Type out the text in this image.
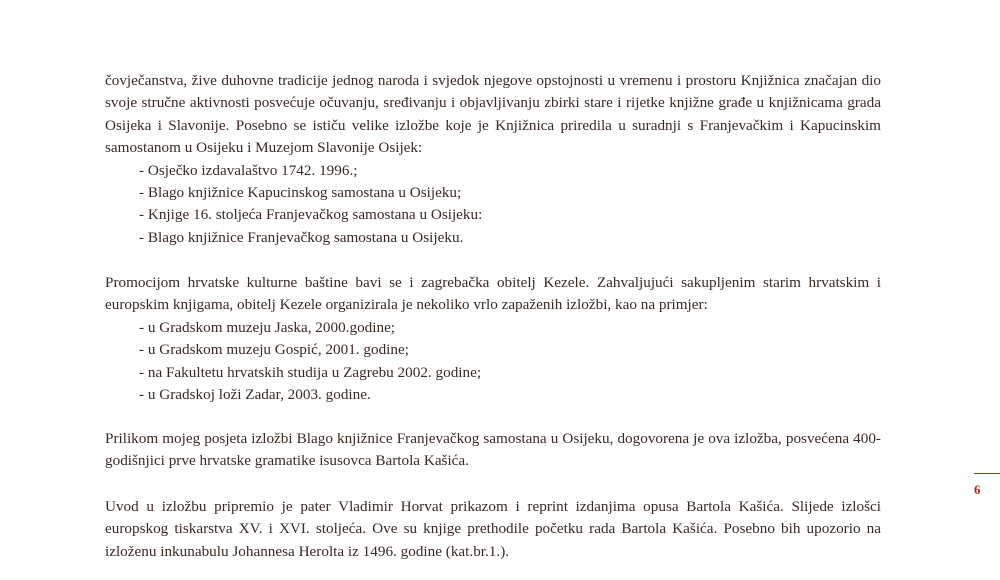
čovječanstva, žive duhovne tradicije jednog naroda i svjedok njegove opstojnosti u vremenu i prostoru Knjižnica značajan dio svoje stručne aktivnosti posvećuje očuvanju, sređivanju i objavljivanju zbirki stare i rijetke knjižne građe u knjižnicama grada Osijeka i Slavonije. Posebno se ističu velike izložbe koje je Knjižnica priredila u suradnji s Franjevačkim i Kapucinskim samostanom u Osijeku i Muzejom Slavonije Osijek:

- Osječko izdavalaštvo 1742. 1996.;
- Blago knjižnice Kapucinskog samostana u Osijeku;
- Knjige 16. stoljeća Franjevačkog samostana u Osijeku:
- Blago knjižnice Franjevačkog samostana u Osijeku.

Promocijom hrvatske kulturne baštine bavi se i zagrebačka obitelj Kezele. Zahvaljujući sakupljenim starim hrvatskim i europskim knjigama, obitelj Kezele organizirala je nekoliko vrlo zapaženih izložbi, kao na primjer:

- u Gradskom muzeju Jaska, 2000.godine;
- u Gradskom muzeju Gospić, 2001. godine;
- na Fakultetu hrvatskih studija u Zagrebu 2002. godine;
- u Gradskoj loži Zadar, 2003. godine.

Prilikom mojeg posjeta izložbi Blago knjižnice Franjevačkog samostana u Osijeku, dogovorena je ova izložba, posvećena 400-godišnjici prve hrvatske gramatike isusovca Bartola Kašića.

Uvod u izložbu pripremio je pater Vladimir Horvat prikazom i reprint izdanjima opusa Bartola Kašića. Slijede izlošci europskog tiskarstva XV. i XVI. stoljeća. Ove su knjige prethodile početku rada Bartola Kašića. Posebno bih upozorio na izloženu inkunabulu Johannesa Herolta iz 1496. godine (kat.br.1.).

6
